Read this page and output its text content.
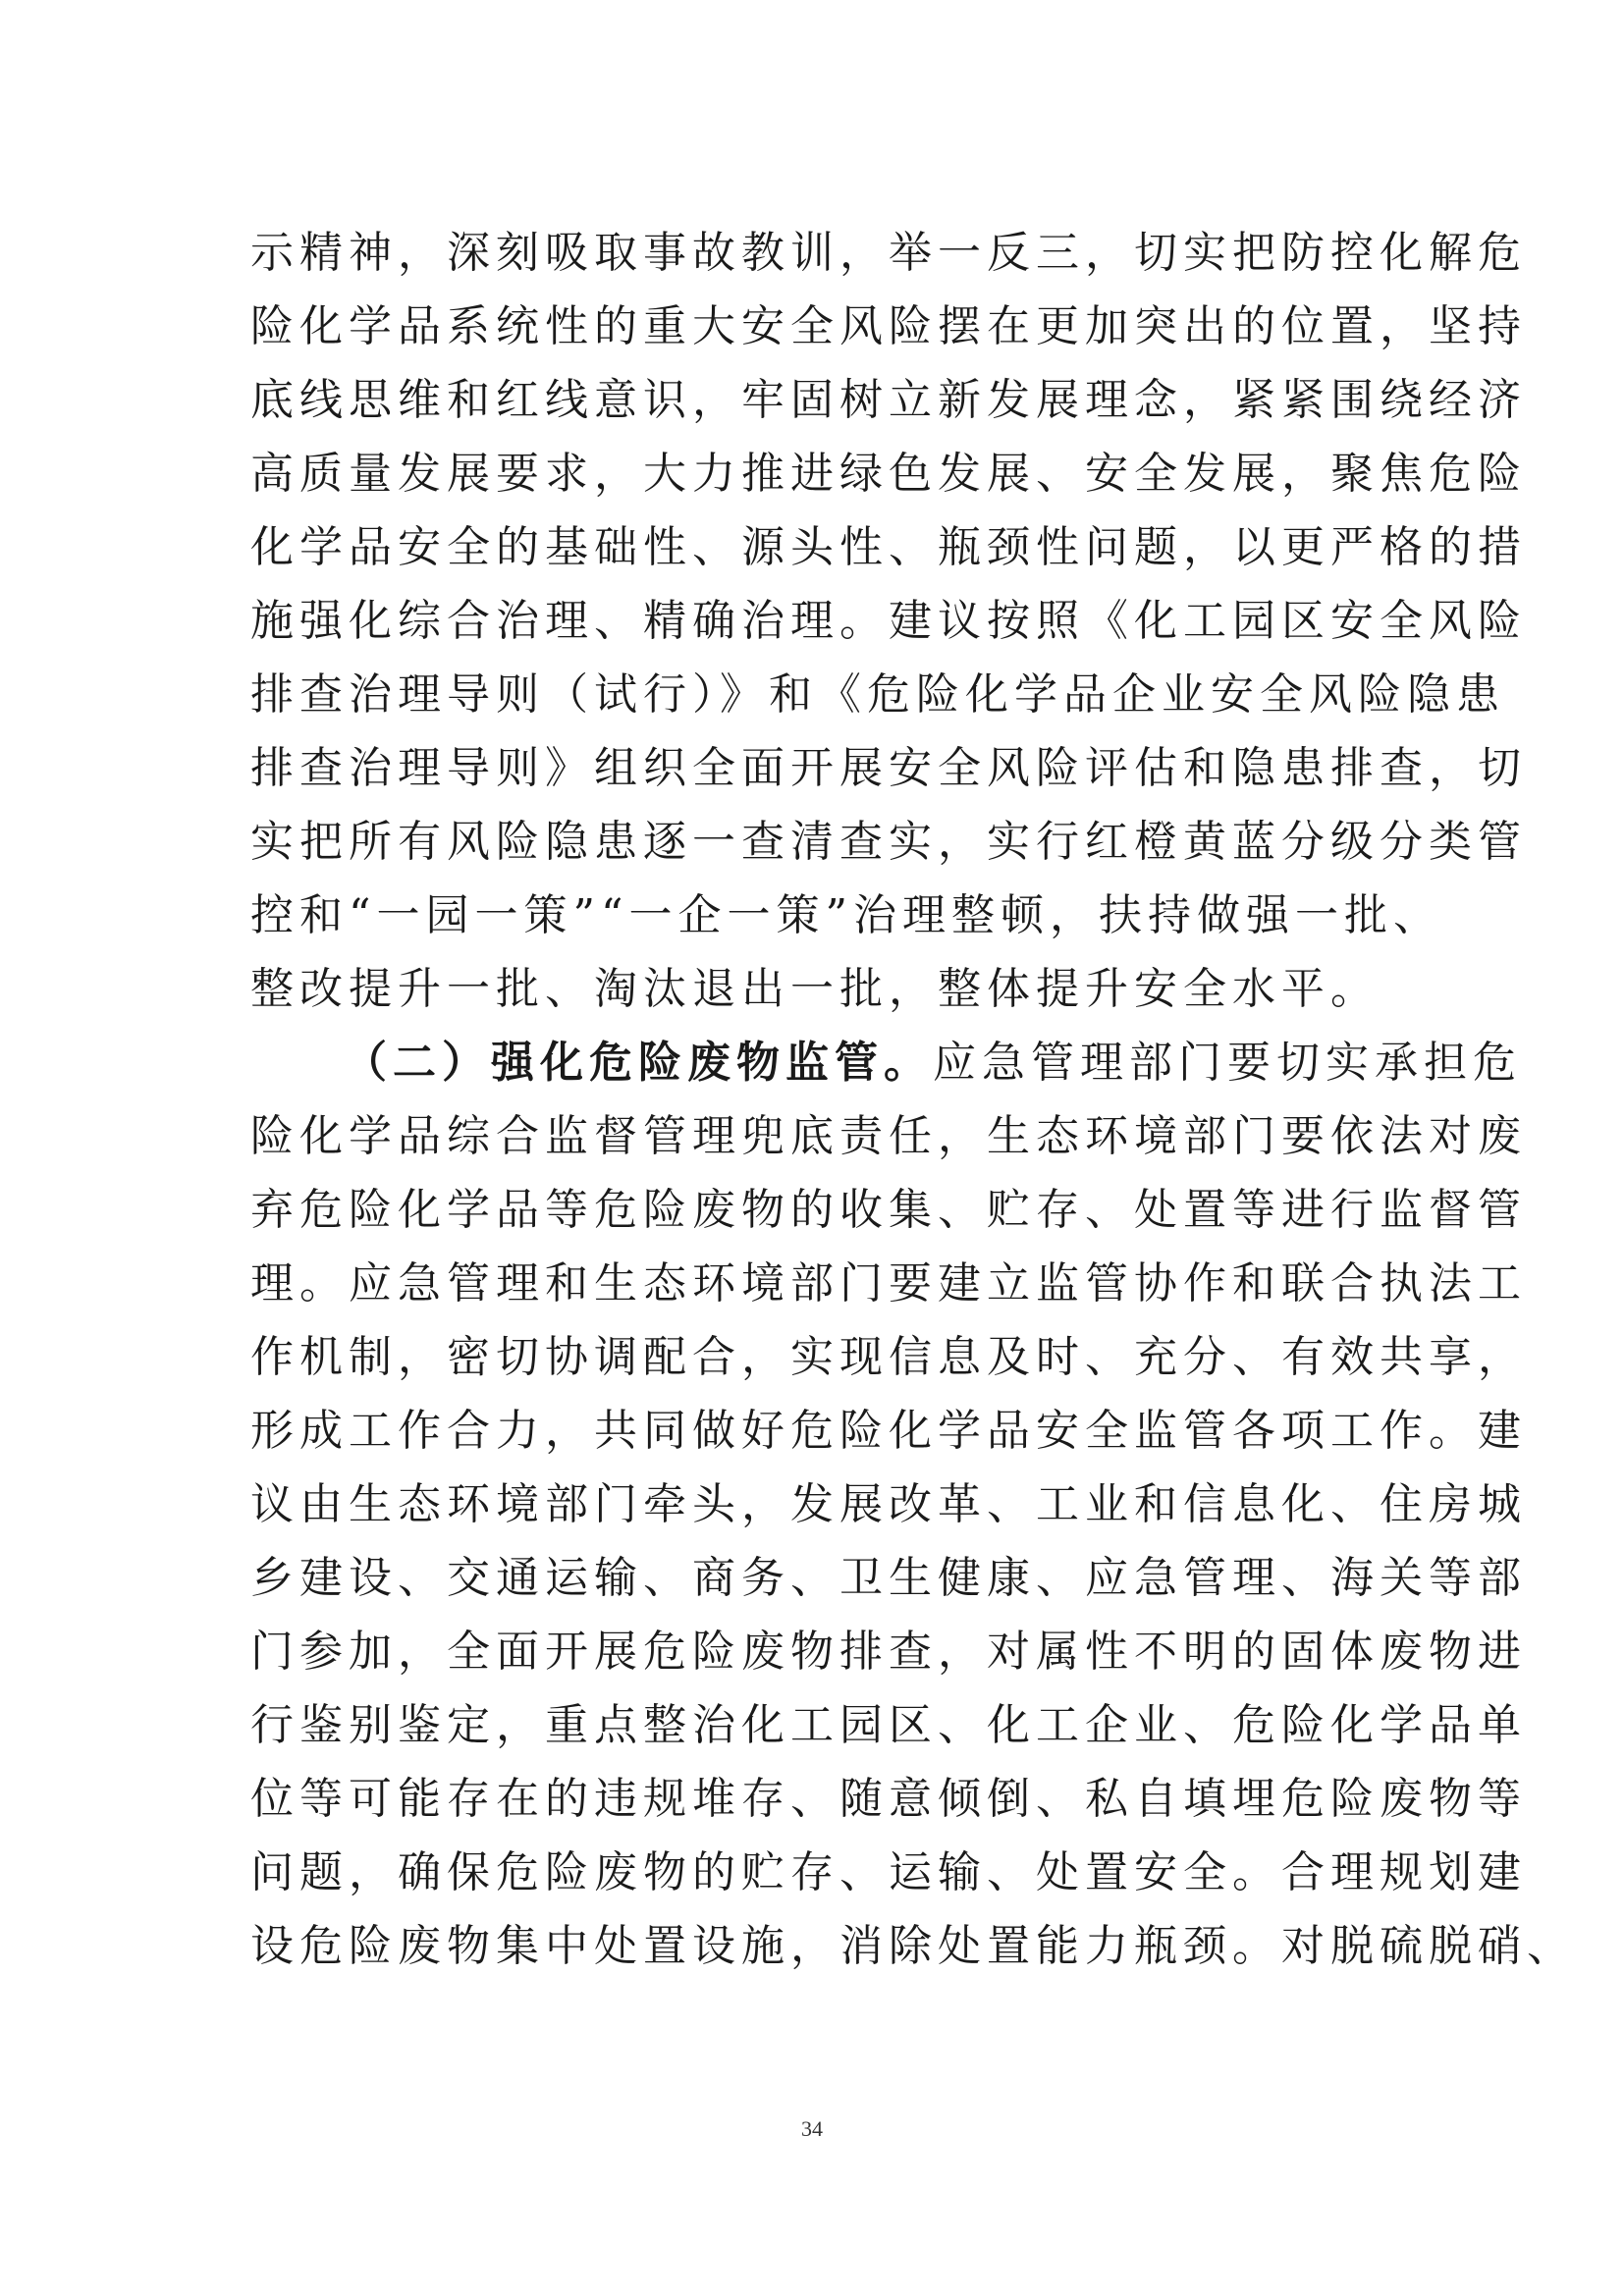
示精神，深刻吸取事故教训，举一反三，切实把防控化解危
险化学品系统性的重大安全风险摆在更加突出的位置，坚持
底线思维和红线意识，牢固树立新发展理念，紧紧围绕经济
高质量发展要求，大力推进绿色发展、安全发展，聚焦危险
化学品安全的基础性、源头性、瓶颈性问题，以更严格的措
施强化综合治理、精确治理。建议按照《化工园区安全风险
排查治理导则（试行）》和《危险化学品企业安全风险隐患
排查治理导则》组织全面开展安全风险评估和隐患排查，切
实把所有风险隐患逐一查清查实，实行红橙黄蓝分级分类管
控和“一园一策”“一企一策”治理整顿，扶持做强一批、
整改提升一批、淘汰退出一批，整体提升安全水平。
（二）强化危险废物监管。应急管理部门要切实承担危
险化学品综合监督管理兜底责任，生态环境部门要依法对废
弃危险化学品等危险废物的收集、贮存、处置等进行监督管
理。应急管理和生态环境部门要建立监管协作和联合执法工
作机制，密切协调配合，实现信息及时、充分、有效共享，
形成工作合力，共同做好危险化学品安全监管各项工作。建
议由生态环境部门牵头，发展改革、工业和信息化、住房城
乡建设、交通运输、商务、卫生健康、应急管理、海关等部
门参加，全面开展危险废物排查，对属性不明的固体废物进
行鉴别鉴定，重点整治化工园区、化工企业、危险化学品单
位等可能存在的违规堆存、随意倾倒、私自填埋危险废物等
问题，确保危险废物的贮存、运输、处置安全。合理规划建
设危险废物集中处置设施，消除处置能力瓶颈。对脱硫脱硝、
34
